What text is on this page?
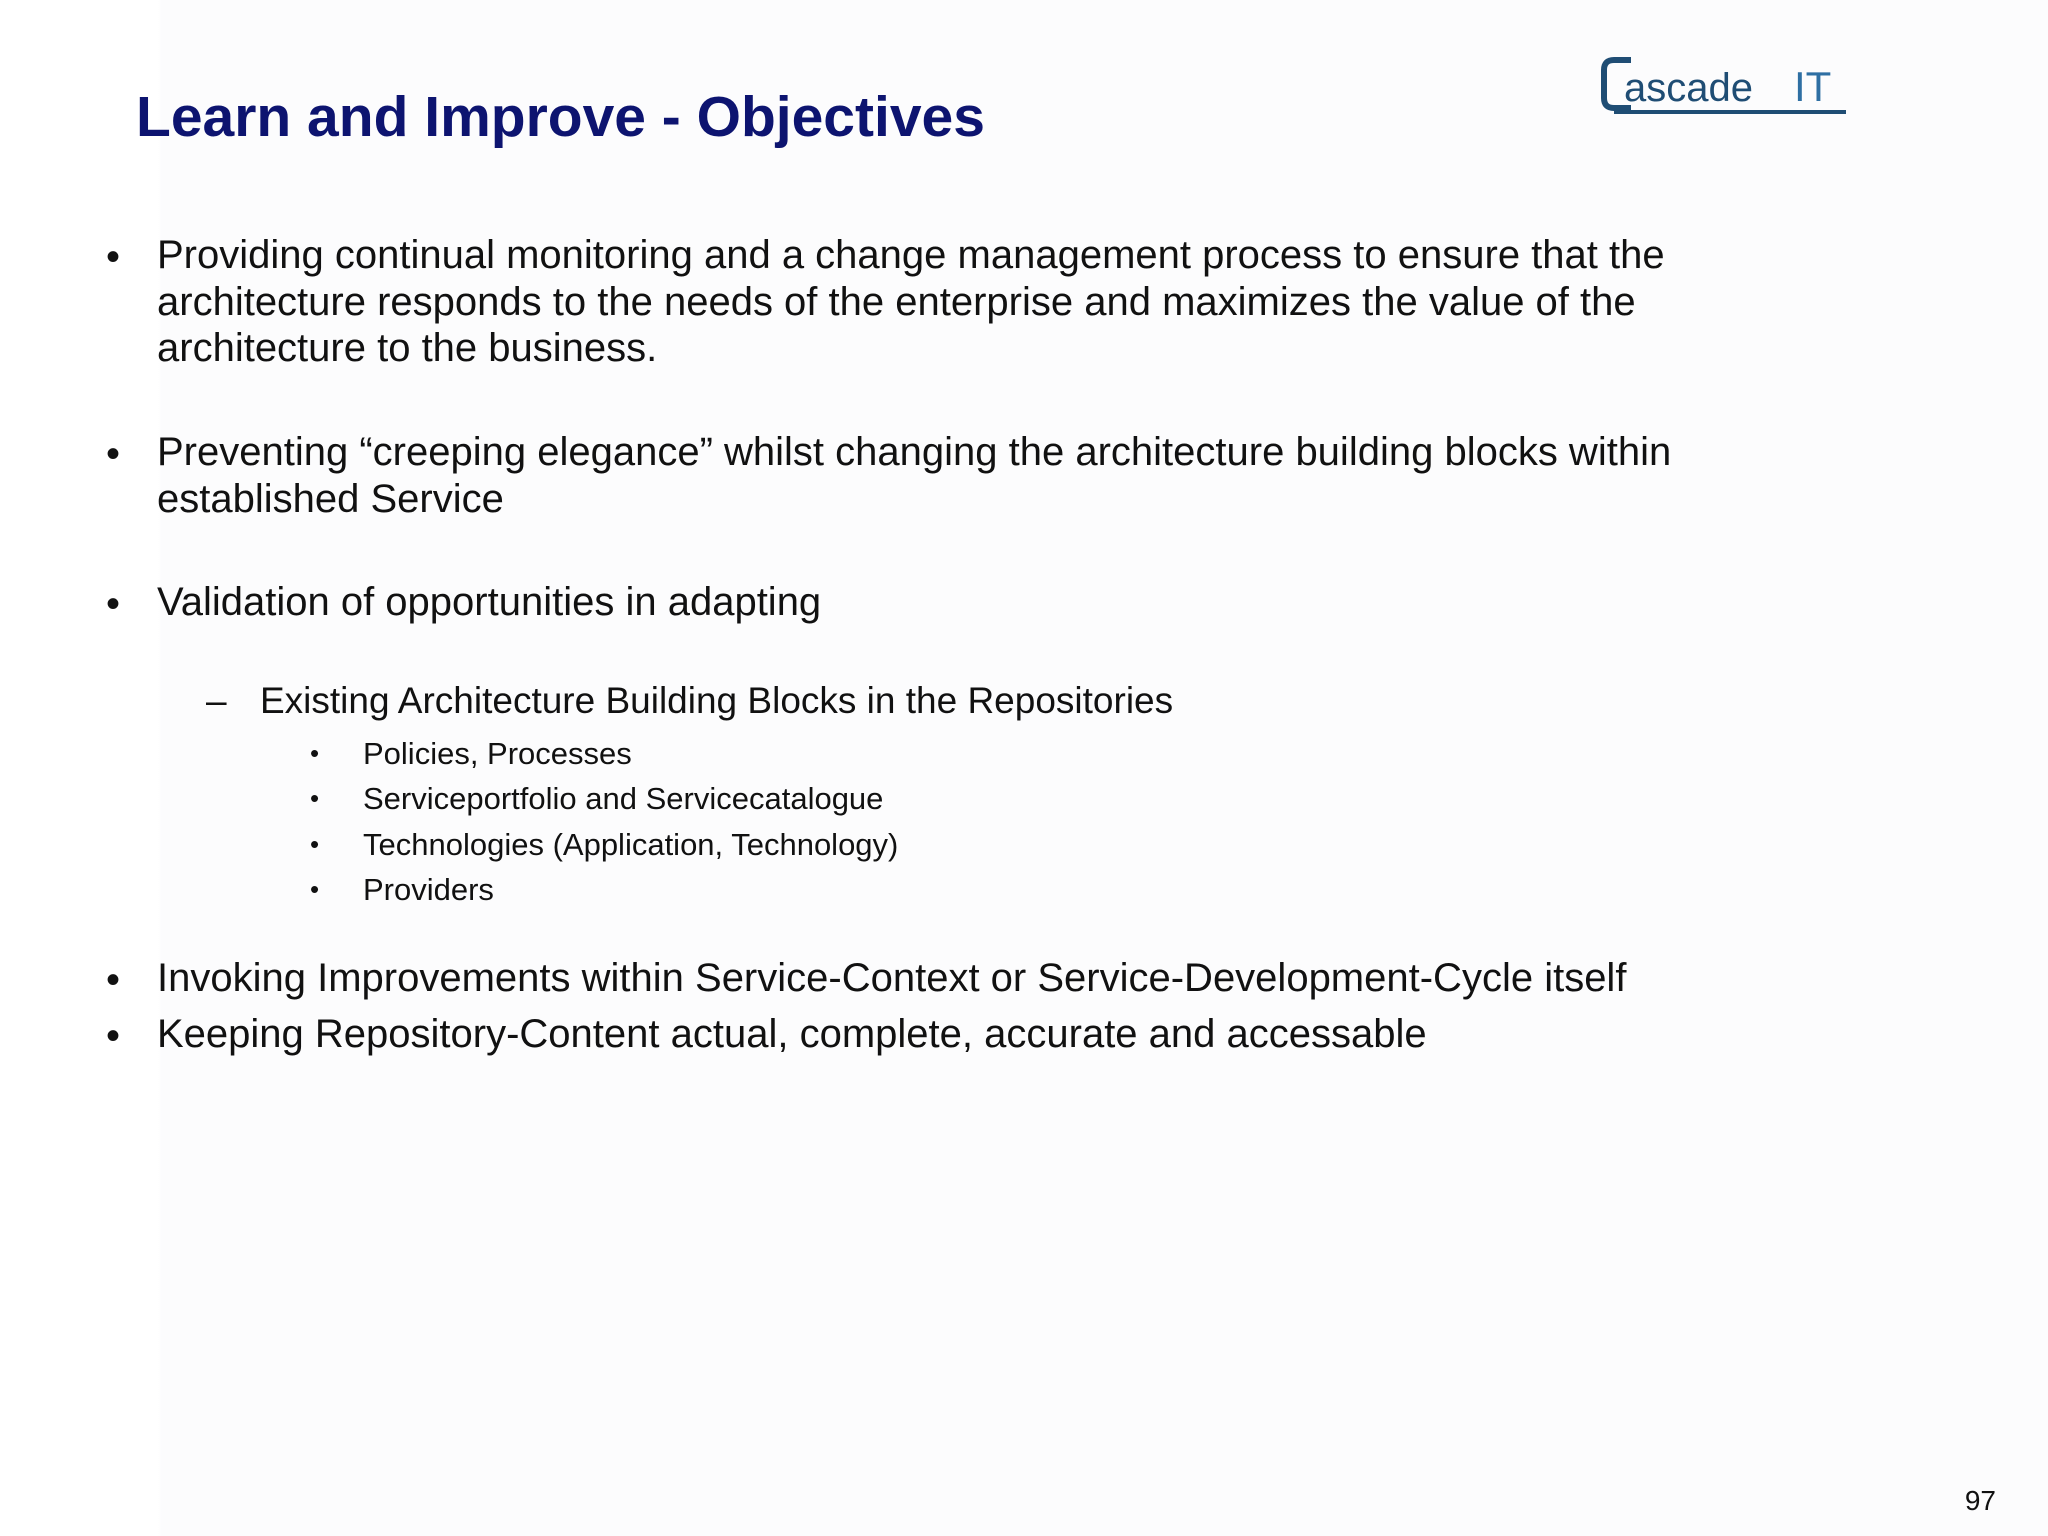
Learn and Improve - Objectives	ascade IT
• Providing continual monitoring and a change management process to ensure that the
architecture responds to the needs of the enterprise and maximizes the value of the
architecture to the business.

• Preventing “creeping elegance” whilst changing the architecture building blocks within
established Service

• Validation of opportunities in adapting

– Existing Architecture Building Blocks in the Repositories

• Policies, Processes

• Serviceportfolio and Servicecatalogue

• Technologies (Application, Technology)

• Providers

• Invoking Improvements within Service-Context or Service-Development-Cycle itself

• Keeping Repository-Content actual, complete, accurate and accessable

97
